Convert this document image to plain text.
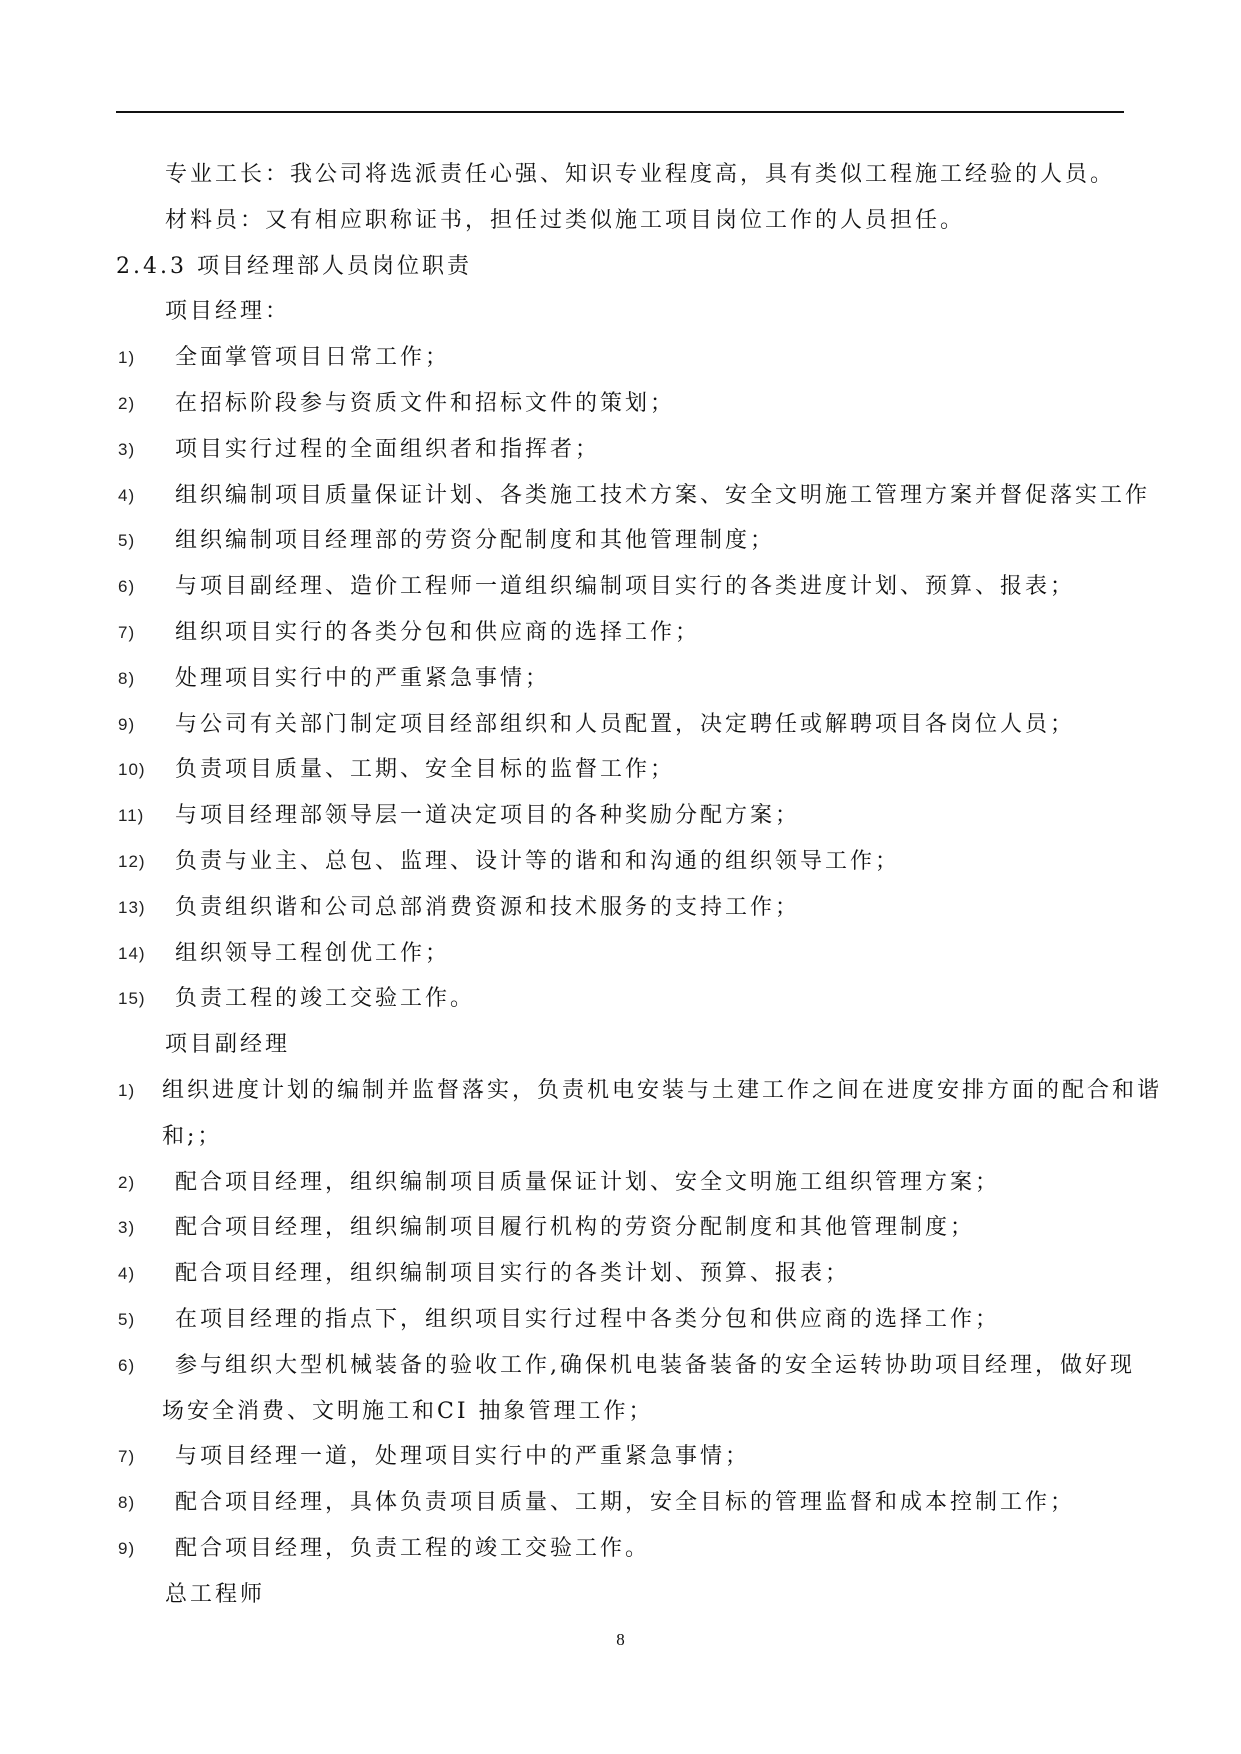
专业工长：我公司将选派责任心强、知识专业程度高，具有类似工程施工经验的人员。
材料员：又有相应职称证书，担任过类似施工项目岗位工作的人员担任。
2.4.3 项目经理部人员岗位职责
项目经理：
1) 全面掌管项目日常工作；
2) 在招标阶段参与资质文件和招标文件的策划；
3) 项目实行过程的全面组织者和指挥者；
4) 组织编制项目质量保证计划、各类施工技术方案、安全文明施工管理方案并督促落实工作
5) 组织编制项目经理部的劳资分配制度和其他管理制度；
6) 与项目副经理、造价工程师一道组织编制项目实行的各类进度计划、预算、报表；
7) 组织项目实行的各类分包和供应商的选择工作；
8) 处理项目实行中的严重紧急事情；
9) 与公司有关部门制定项目经部组织和人员配置，决定聘任或解聘项目各岗位人员；
10) 负责项目质量、工期、安全目标的监督工作；
11) 与项目经理部领导层一道决定项目的各种奖励分配方案；
12) 负责与业主、总包、监理、设计等的谐和和沟通的组织领导工作；
13) 负责组织谐和公司总部消费资源和技术服务的支持工作；
14) 组织领导工程创优工作；
15) 负责工程的竣工交验工作。
项目副经理
1) 组织进度计划的编制并监督落实，负责机电安装与土建工作之间在进度安排方面的配合和谐
和;；
2) 配合项目经理，组织编制项目质量保证计划、安全文明施工组织管理方案；
3) 配合项目经理，组织编制项目履行机构的劳资分配制度和其他管理制度；
4) 配合项目经理，组织编制项目实行的各类计划、预算、报表；
5) 在项目经理的指点下，组织项目实行过程中各类分包和供应商的选择工作；
6) 参与组织大型机械装备的验收工作,确保机电装备装备的安全运转协助项目经理，做好现
场安全消费、文明施工和CI 抽象管理工作；
7) 与项目经理一道，处理项目实行中的严重紧急事情；
8) 配合项目经理，具体负责项目质量、工期，安全目标的管理监督和成本控制工作；
9) 配合项目经理，负责工程的竣工交验工作。
总工程师
8
